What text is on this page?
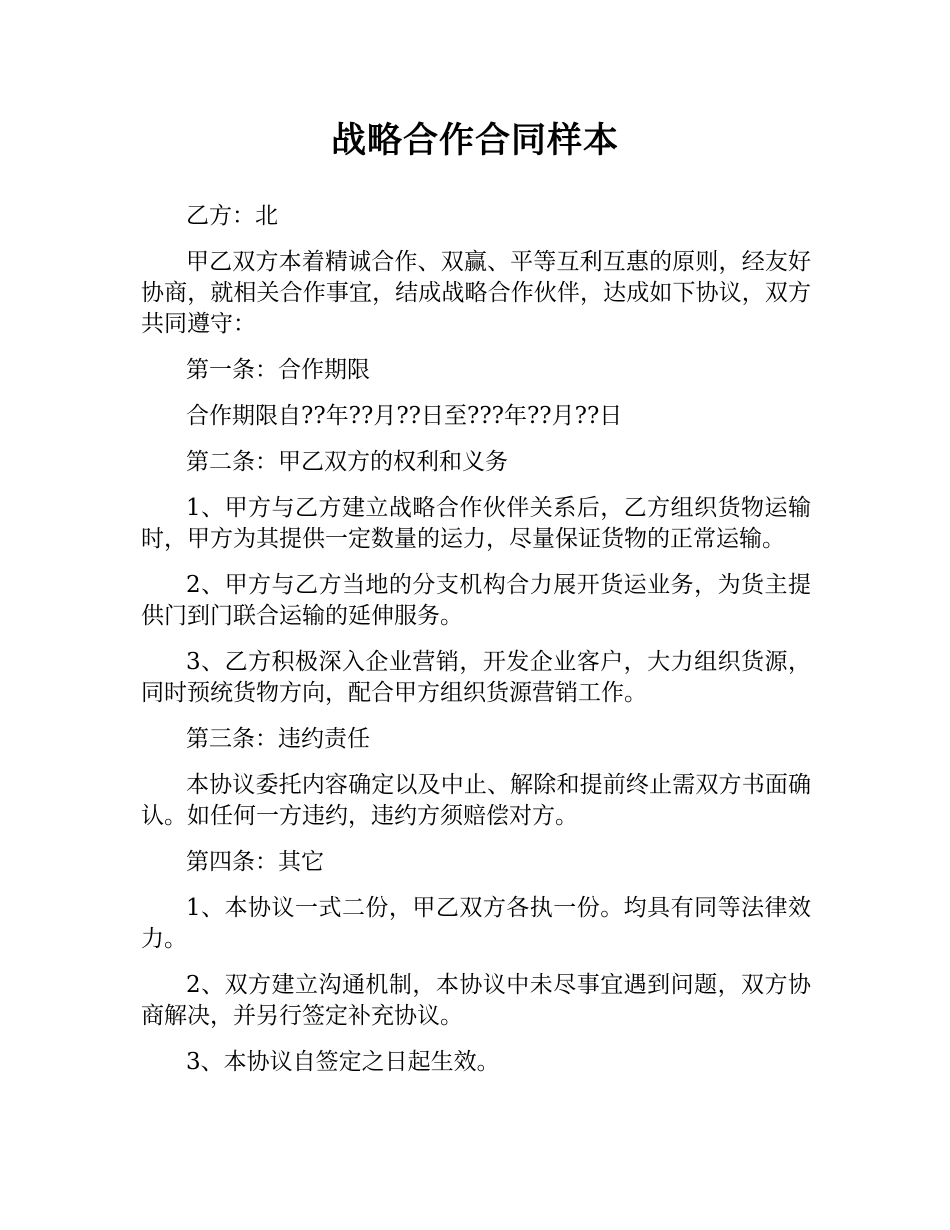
战略合作合同样本

乙方：北

甲乙双方本着精诚合作、双赢、平等互利互惠的原则，经友好协商，就相关合作事宜，结成战略合作伙伴，达成如下协议，双方共同遵守：

第一条：合作期限

合作期限自??年??月??日至???年??月??日

第二条：甲乙双方的权利和义务

1、甲方与乙方建立战略合作伙伴关系后，乙方组织货物运输时，甲方为其提供一定数量的运力，尽量保证货物的正常运输。

2、甲方与乙方当地的分支机构合力展开货运业务，为货主提供门到门联合运输的延伸服务。

3、乙方积极深入企业营销，开发企业客户，大力组织货源，同时预统货物方向，配合甲方组织货源营销工作。

第三条：违约责任

本协议委托内容确定以及中止、解除和提前终止需双方书面确认。如任何一方违约，违约方须赔偿对方。

第四条：其它

1、本协议一式二份，甲乙双方各执一份。均具有同等法律效力。

2、双方建立沟通机制，本协议中未尽事宜遇到问题，双方协商解决，并另行签定补充协议。

3、本协议自签定之日起生效。
